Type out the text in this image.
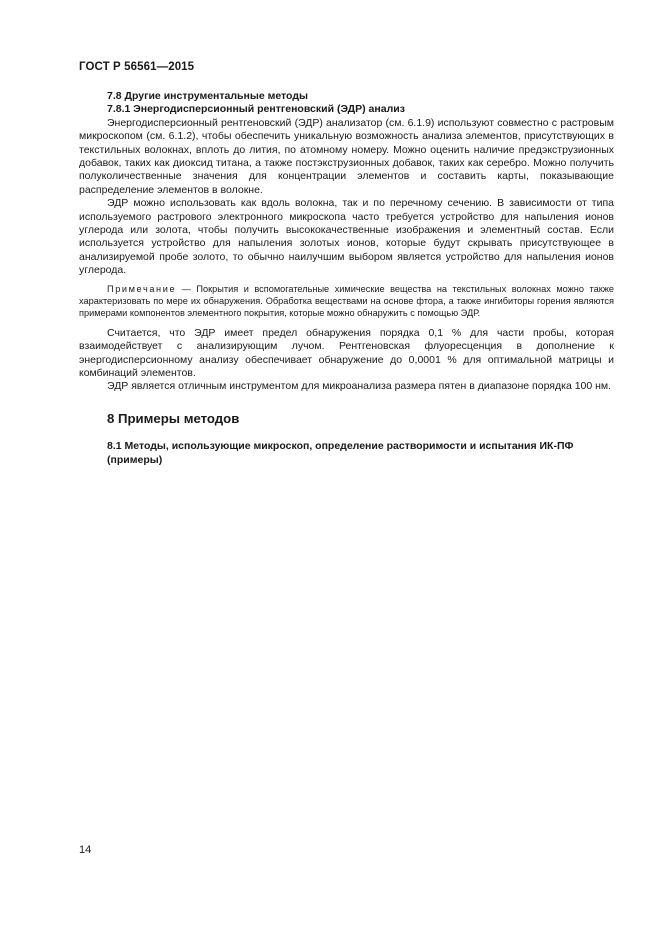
ГОСТ Р 56561—2015

7.8 Другие инструментальные методы

7.8.1 Энергодисперсионный рентгеновский (ЭДР) анализ

Энергодисперсионный рентгеновский (ЭДР) анализатор (см. 6.1.9) используют совместно с растровым микроскопом (см. 6.1.2), чтобы обеспечить уникальную возможность анализа элементов, присутствующих в текстильных волокнах, вплоть до лития, по атомному номеру. Можно оценить наличие предэкструзионных добавок, таких как диоксид титана, а также постэкструзионных добавок, таких как серебро. Можно получить полуколичественные значения для концентрации элементов и составить карты, показывающие распределение элементов в волокне.

ЭДР можно использовать как вдоль волокна, так и по перечному сечению. В зависимости от типа используемого растрового электронного микроскопа часто требуется устройство для напыления ионов углерода или золота, чтобы получить высококачественные изображения и элементный состав. Если используется устройство для напыления золотых ионов, которые будут скрывать присутствующее в анализируемой пробе золото, то обычно наилучшим выбором является устройство для напыления ионов углерода.

Примечание — Покрытия и вспомогательные химические вещества на текстильных волокнах можно также характеризовать по мере их обнаружения. Обработка веществами на основе фтора, а также ингибиторы горения являются примерами компонентов элементного покрытия, которые можно обнаружить с помощью ЭДР.

Считается, что ЭДР имеет предел обнаружения порядка 0,1 % для части пробы, которая взаимодействует с анализирующим лучом. Рентгеновская флуоресценция в дополнение к энергодисперсионному анализу обеспечивает обнаружение до 0,0001 % для оптимальной матрицы и комбинаций элементов.

ЭДР является отличным инструментом для микроанализа размера пятен в диапазоне порядка 100 нм.

8 Примеры методов

8.1 Методы, использующие микроскоп, определение растворимости и испытания ИК-ПФ (примеры)

14
